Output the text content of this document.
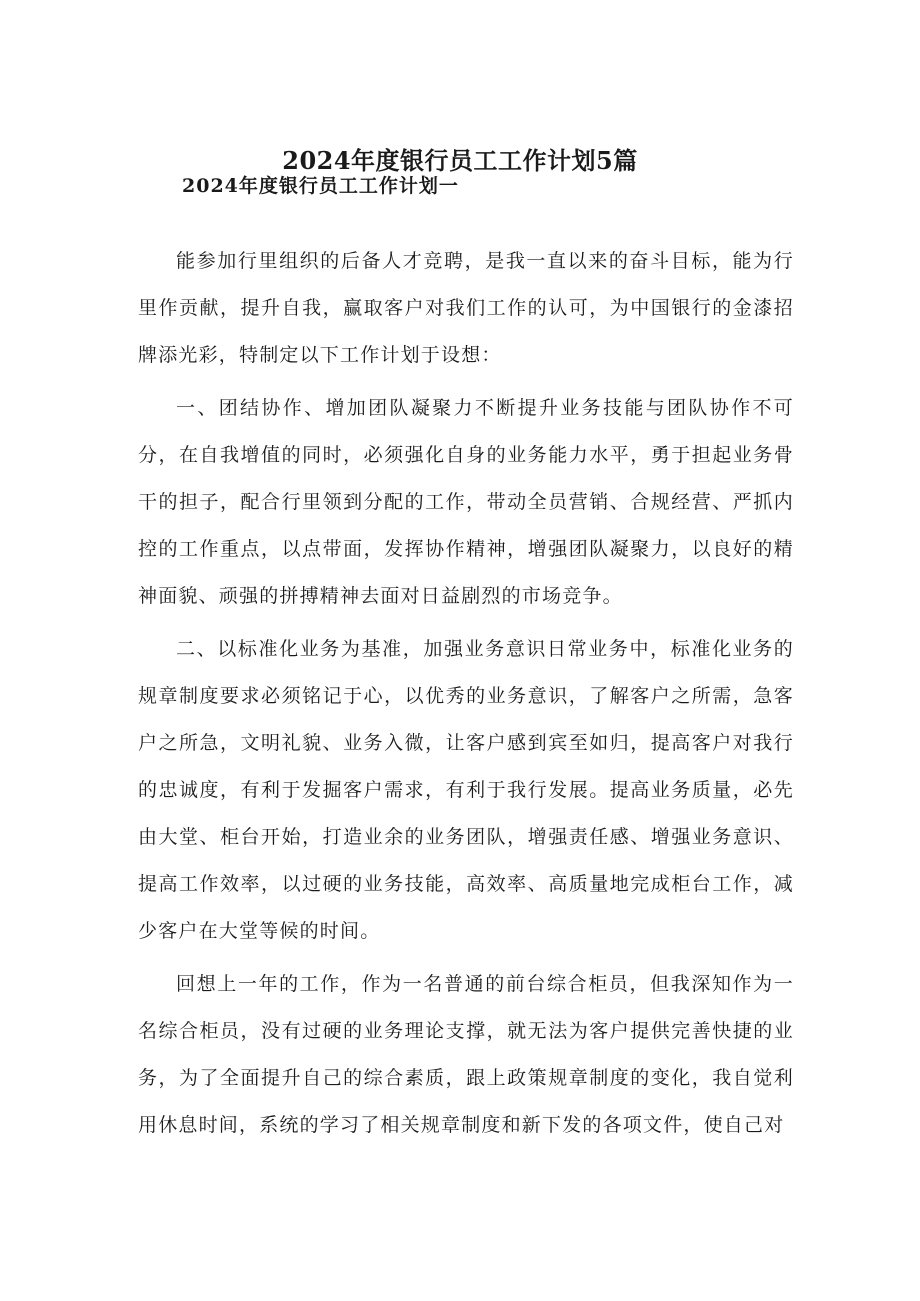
2024年度银行员工工作计划5篇
2024年度银行员工工作计划一

能参加行里组织的后备人才竞聘，是我一直以来的奋斗目标，能为行里作贡献，提升自我，赢取客户对我们工作的认可，为中国银行的金漆招牌添光彩，特制定以下工作计划于设想：

一、团结协作、增加团队凝聚力不断提升业务技能与团队协作不可分，在自我增值的同时，必须强化自身的业务能力水平，勇于担起业务骨干的担子，配合行里领到分配的工作，带动全员营销、合规经营、严抓内控的工作重点，以点带面，发挥协作精神，增强团队凝聚力，以良好的精神面貌、顽强的拼搏精神去面对日益剧烈的市场竞争。

二、以标准化业务为基准，加强业务意识日常业务中，标准化业务的规章制度要求必须铭记于心，以优秀的业务意识，了解客户之所需，急客户之所急，文明礼貌、业务入微，让客户感到宾至如归，提高客户对我行的忠诚度，有利于发掘客户需求，有利于我行发展。提高业务质量，必先由大堂、柜台开始，打造业余的业务团队，增强责任感、增强业务意识、提高工作效率，以过硬的业务技能，高效率、高质量地完成柜台工作，减少客户在大堂等候的时间。

回想上一年的工作，作为一名普通的前台综合柜员，但我深知作为一名综合柜员，没有过硬的业务理论支撑，就无法为客户提供完善快捷的业务，为了全面提升自己的综合素质，跟上政策规章制度的变化，我自觉利用休息时间，系统的学习了相关规章制度和新下发的各项文件，使自己对
